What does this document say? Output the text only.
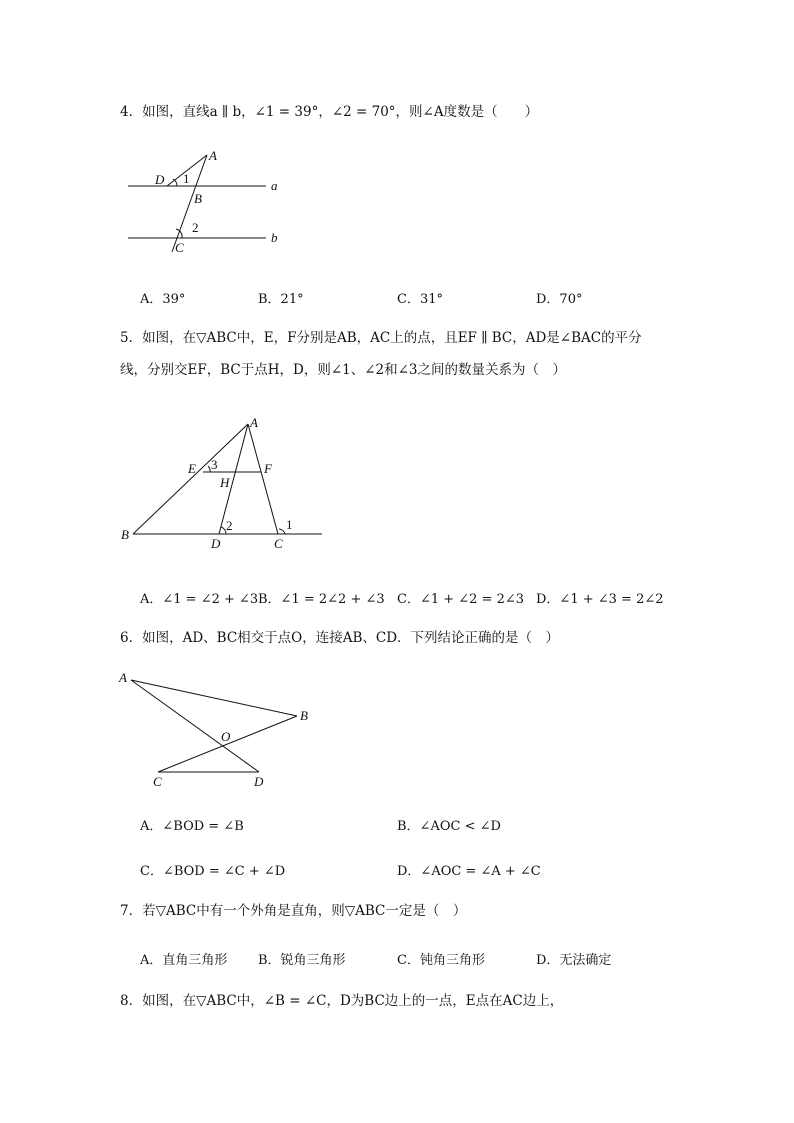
4．如图，直线a ∥ b，∠1 = 39°，∠2 = 70°，则∠A度数是（　　）
A
D 1
B
a
2
C
b
A．39°	B．21°	C．31°	D．70°
5．如图，在▽ABC中，E，F分别是AB，AC上的点，且EF ∥ BC，AD是∠BAC的平分
线，分别交EF，BC于点H，D，则∠1、∠2和∠3之间的数量关系为（　）
A
E 3	F
H
B
2	1
D	C
A．∠1 = ∠2 + ∠3 B．∠1 = 2∠2 + ∠3 C．∠1 + ∠2 = 2∠3 D．∠1 + ∠3 = 2∠2
6．如图，AD、BC相交于点O，连接AB、CD．下列结论正确的是（　）
A
B
O
C	D
A．∠BOD = ∠B	B．∠AOC < ∠D
C．∠BOD = ∠C + ∠D	D．∠AOC = ∠A + ∠C
7．若▽ABC中有一个外角是直角，则▽ABC一定是（　）
A．直角三角形 B．锐角三角形	C．钝角三角形	D．无法确定
8．如图，在▽ABC中，∠B = ∠C，D为BC边上的一点，E点在AC边上，
